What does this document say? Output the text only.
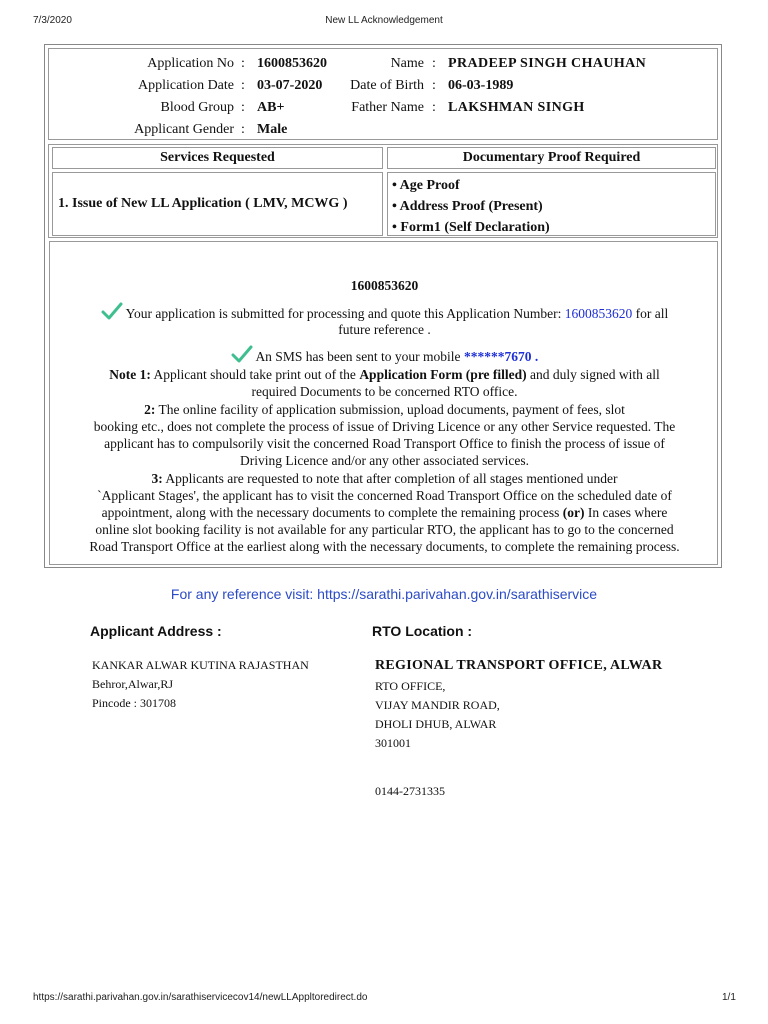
7/3/2020	New LL Acknowledgement
Application No : 1600853620	Name : PRADEEP SINGH CHAUHAN
Application Date : 03-07-2020	Date of Birth : 06-03-1989
Blood Group : AB+	Father Name : LAKSHMAN SINGH
Applicant Gender : Male
Services Requested	Documentary Proof Required
1. Issue of New LL Application ( LMV, MCWG )
• Age Proof
• Address Proof (Present)
• Form1 (Self Declaration)
1600853620
Your application is submitted for processing and quote this Application Number: 1600853620 for all
future reference .
An SMS has been sent to your mobile ******7670 .
Note 1: Applicant should take print out of the Application Form (pre filled) and duly signed with all
required Documents to be concerned RTO office.
2: The online facility of application submission, upload documents, payment of fees, slot
booking etc., does not complete the process of issue of Driving Licence or any other Service requested. The
applicant has to compulsorily visit the concerned Road Transport Office to finish the process of issue of
Driving Licence and/or any other associated services.
3: Applicants are requested to note that after completion of all stages mentioned under
`Applicant Stages', the applicant has to visit the concerned Road Transport Office on the scheduled date of
appointment, along with the necessary documents to complete the remaining process (or) In cases where
online slot booking facility is not available for any particular RTO, the applicant has to go to the concerned
Road Transport Office at the earliest along with the necessary documents, to complete the remaining process.
For any reference visit: https://sarathi.parivahan.gov.in/sarathiservice
Applicant Address :	RTO Location :
KANKAR ALWAR KUTINA RAJASTHAN
Behror,Alwar,RJ
Pincode : 301708
REGIONAL TRANSPORT OFFICE, ALWAR
RTO OFFICE,
VIJAY MANDIR ROAD,
DHOLI DHUB, ALWAR
301001
0144-2731335
https://sarathi.parivahan.gov.in/sarathiservicecov14/newLLAppltoredirect.do	1/1
